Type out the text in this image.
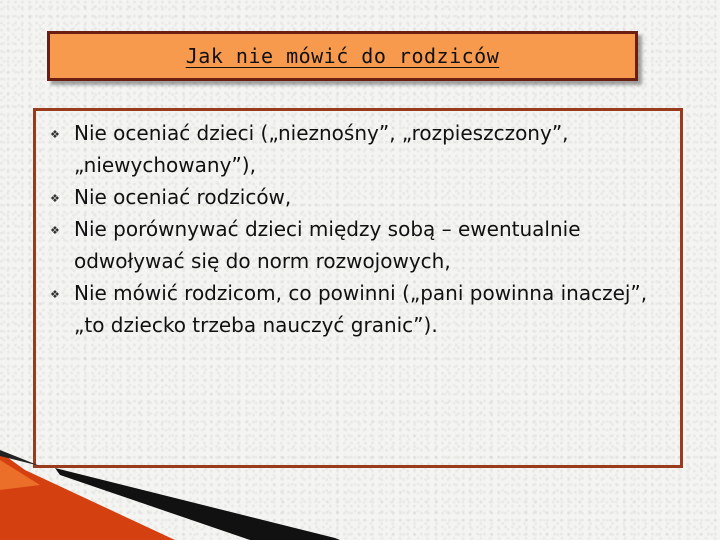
Jak nie mówić do rodziców
❖ Nie oceniać dzieci („nieznośny”, „rozpieszczony”, „niewychowany”),
❖ Nie oceniać rodziców,
❖ Nie porównywać dzieci między sobą – ewentualnie odwoływać się do norm rozwojowych,
❖ Nie mówić rodzicom, co powinni („pani powinna inaczej”, „to dziecko trzeba nauczyć granic”).
